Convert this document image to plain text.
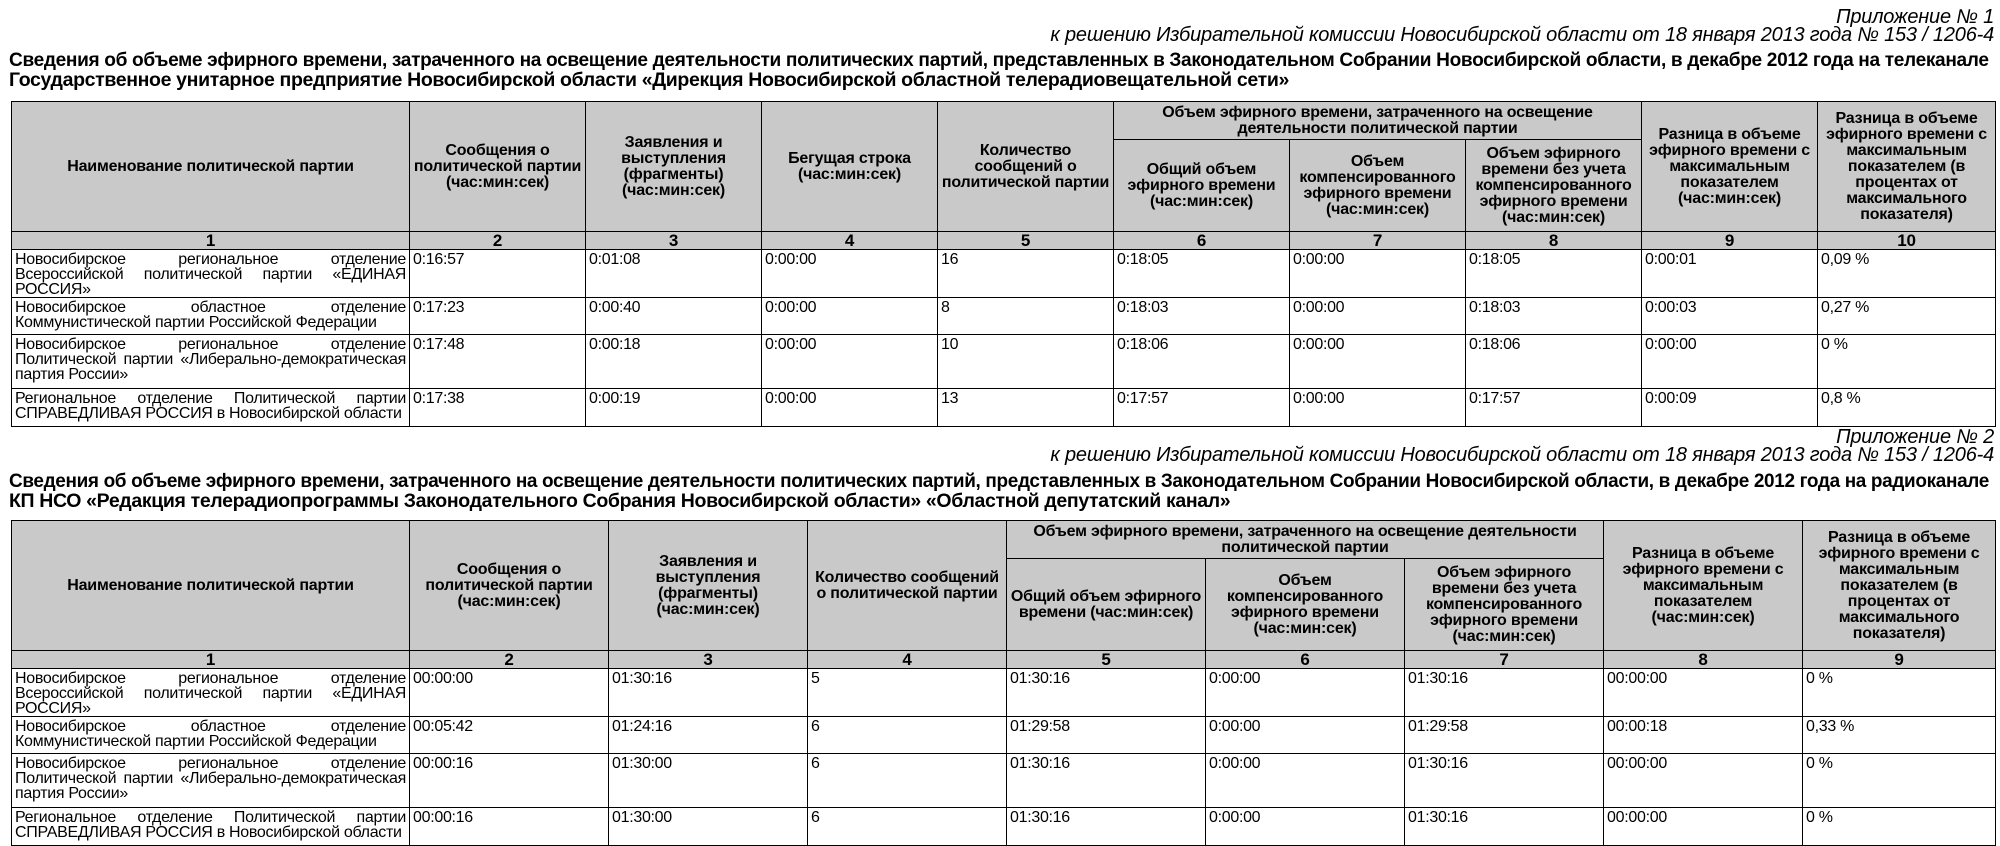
Приложение № 1
к решению Избирательной комиссии Новосибирской области от 18 января 2013 года № 153 / 1206-4
Сведения об объеме эфирного времени, затраченного на освещение деятельности политических партий, представленных в Законодательном Собрании Новосибирской области, в декабре 2012 года на телеканале
Государственное унитарное предприятие Новосибирской области «Дирекция Новосибирской областной телерадиовещательной сети»
Наименование политической партии	Сообщения о политической партии (час:мин:сек)	Заявления и выступления (фрагменты) (час:мин:сек)	Бегущая строка (час:мин:сек)	Количество сообщений о политической партии	Объем эфирного времени, затраченного на освещение деятельности политической партии			Разница в объеме эфирного времени с максимальным показателем (час:мин:сек)	Разница в объеме эфирного времени с максимальным показателем (в процентах от максимального показателя)
					Общий объем эфирного времени (час:мин:сек)	Объем компенсированного эфирного времени (час:мин:сек)	Объем эфирного времени без учета компенсированного эфирного времени (час:мин:сек)		
1	2	3	4	5	6	7	8	9	10
Новосибирское региональное отделение Всероссийской политической партии «ЕДИНАЯ РОССИЯ»	0:16:57	0:01:08	0:00:00	16	0:18:05	0:00:00	0:18:05	0:00:01	0,09 %
Новосибирское областное отделение Коммунистической партии Российской Федерации	0:17:23	0:00:40	0:00:00	8	0:18:03	0:00:00	0:18:03	0:00:03	0,27 %
Новосибирское региональное отделение Политической партии «Либерально-демократическая партия России»	0:17:48	0:00:18	0:00:00	10	0:18:06	0:00:00	0:18:06	0:00:00	0 %
Региональное отделение Политической партии СПРАВЕДЛИВАЯ РОССИЯ в Новосибирской области	0:17:38	0:00:19	0:00:00	13	0:17:57	0:00:00	0:17:57	0:00:09	0,8 %
Приложение № 2
к решению Избирательной комиссии Новосибирской области от 18 января 2013 года № 153 / 1206-4
Сведения об объеме эфирного времени, затраченного на освещение деятельности политических партий, представленных в Законодательном Собрании Новосибирской области, в декабре 2012 года на радиоканале
КП НСО «Редакция телерадиопрограммы Законодательного Собрания Новосибирской области» «Областной депутатский канал»
Наименование политической партии	Сообщения о политической партии (час:мин:сек)	Заявления и выступления (фрагменты) (час:мин:сек)	Количество сообщений о политической партии	Объем эфирного времени, затраченного на освещение деятельности политической партии			Разница в объеме эфирного времени с максимальным показателем (час:мин:сек)	Разница в объеме эфирного времени с максимальным показателем (в процентах от максимального показателя)
				Общий объем эфирного времени (час:мин:сек)	Объем компенсированного эфирного времени (час:мин:сек)	Объем эфирного времени без учета компенсированного эфирного времени (час:мин:сек)		
1	2	3	4	5	6	7	8	9
Новосибирское региональное отделение Всероссийской политической партии «ЕДИНАЯ РОССИЯ»	00:00:00	01:30:16	5	01:30:16	0:00:00	01:30:16	00:00:00	0 %
Новосибирское областное отделение Коммунистической партии Российской Федерации	00:05:42	01:24:16	6	01:29:58	0:00:00	01:29:58	00:00:18	0,33 %
Новосибирское региональное отделение Политической партии «Либерально-демократическая партия России»	00:00:16	01:30:00	6	01:30:16	0:00:00	01:30:16	00:00:00	0 %
Региональное отделение Политической партии СПРАВЕДЛИВАЯ РОССИЯ в Новосибирской области	00:00:16	01:30:00	6	01:30:16	0:00:00	01:30:16	00:00:00	0 %
